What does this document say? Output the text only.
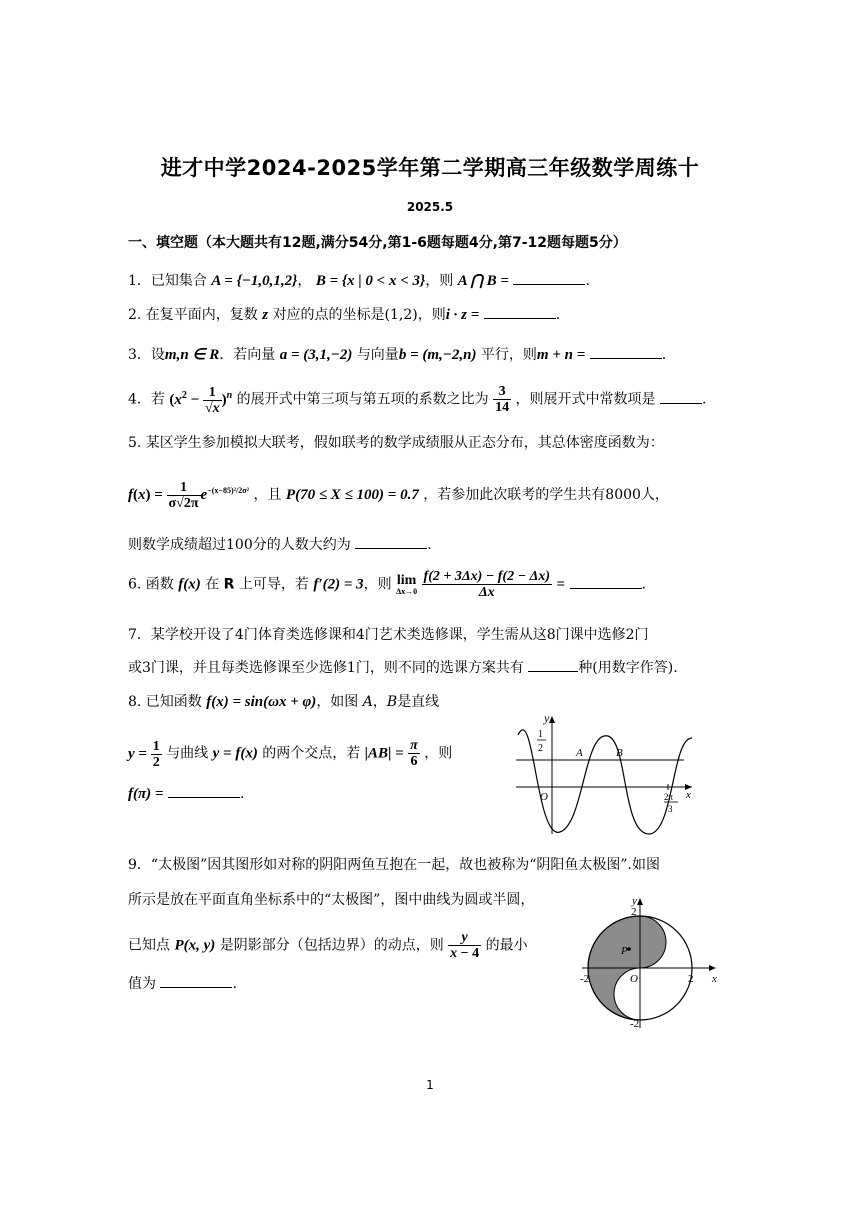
进才中学2024-2025学年第二学期高三年级数学周练十
2025.5
一、填空题（本大题共有12题,满分54分,第1-6题每题4分,第7-12题每题5分）
1．已知集合 A = {−1,0,1,2}， B = {x | 0 < x < 3}，则 A ⋂ B =	.
2. 在复平面内，复数 z 对应的点的坐标是(1,2)，则i · z =	.
3．设m,n ∈ R．若向量 a = (3,1,−2) 与向量b = (m,−2,n) 平行，则m + n =	.
4．若 $(x^2 - \frac{1}{√x} )^n$ 的展开式中第三项与第五项的系数之比为 $\frac{3}{14}$ ，则展开式中常数项是	.
5. 某区学生参加模拟大联考，假如联考的数学成绩服从正态分布，其总体密度函数为：
$f(x) = \frac{1}{\sigma√2\pi} e^{-(x-85)^2/2\sigma^2}$ ，且 P(70 ≤ X ≤ 100) = 0.7 ，若参加此次联考的学生共有8000人，
则数学成绩超过100分的人数大约为	.
6. 函数 f(x) 在 R 上可导，若 f′(2) = 3，则 lim
Δx→0
$\frac{f(2 + 3\Delta x) - f(2 - \Delta x)}{\Delta x}$ =	.
7．某学校开设了4门体育类选修课和4门艺术类选修课，学生需从这8门课中选修2门
或3门课，并且每类选修课至少选修1门，则不同的选课方案共有	种(用数字作答).
8. 已知函数 f(x) = sin(ωx + φ)，如图 A，B是直线
$y = \frac{1}{2}$ 与曲线 y = f(x) 的两个交点，若 $|AB| = \frac{\pi}{6}$ ，则
f(π) =	.
y
1
2	A	B
O	x
2π
3
9．“太极图”因其图形如对称的阴阳两鱼互抱在一起，故也被称为“阴阳鱼太极图”.如图
所示是放在平面直角坐标系中的“太极图”，图中曲线为圆或半圆，
已知点 P(x, y) 是阴影部分（包括边界）的动点，则 $\frac{y}{x - 4}$ 的最小
值为	.
y
x
P
2
-2
-2	2
O
1
